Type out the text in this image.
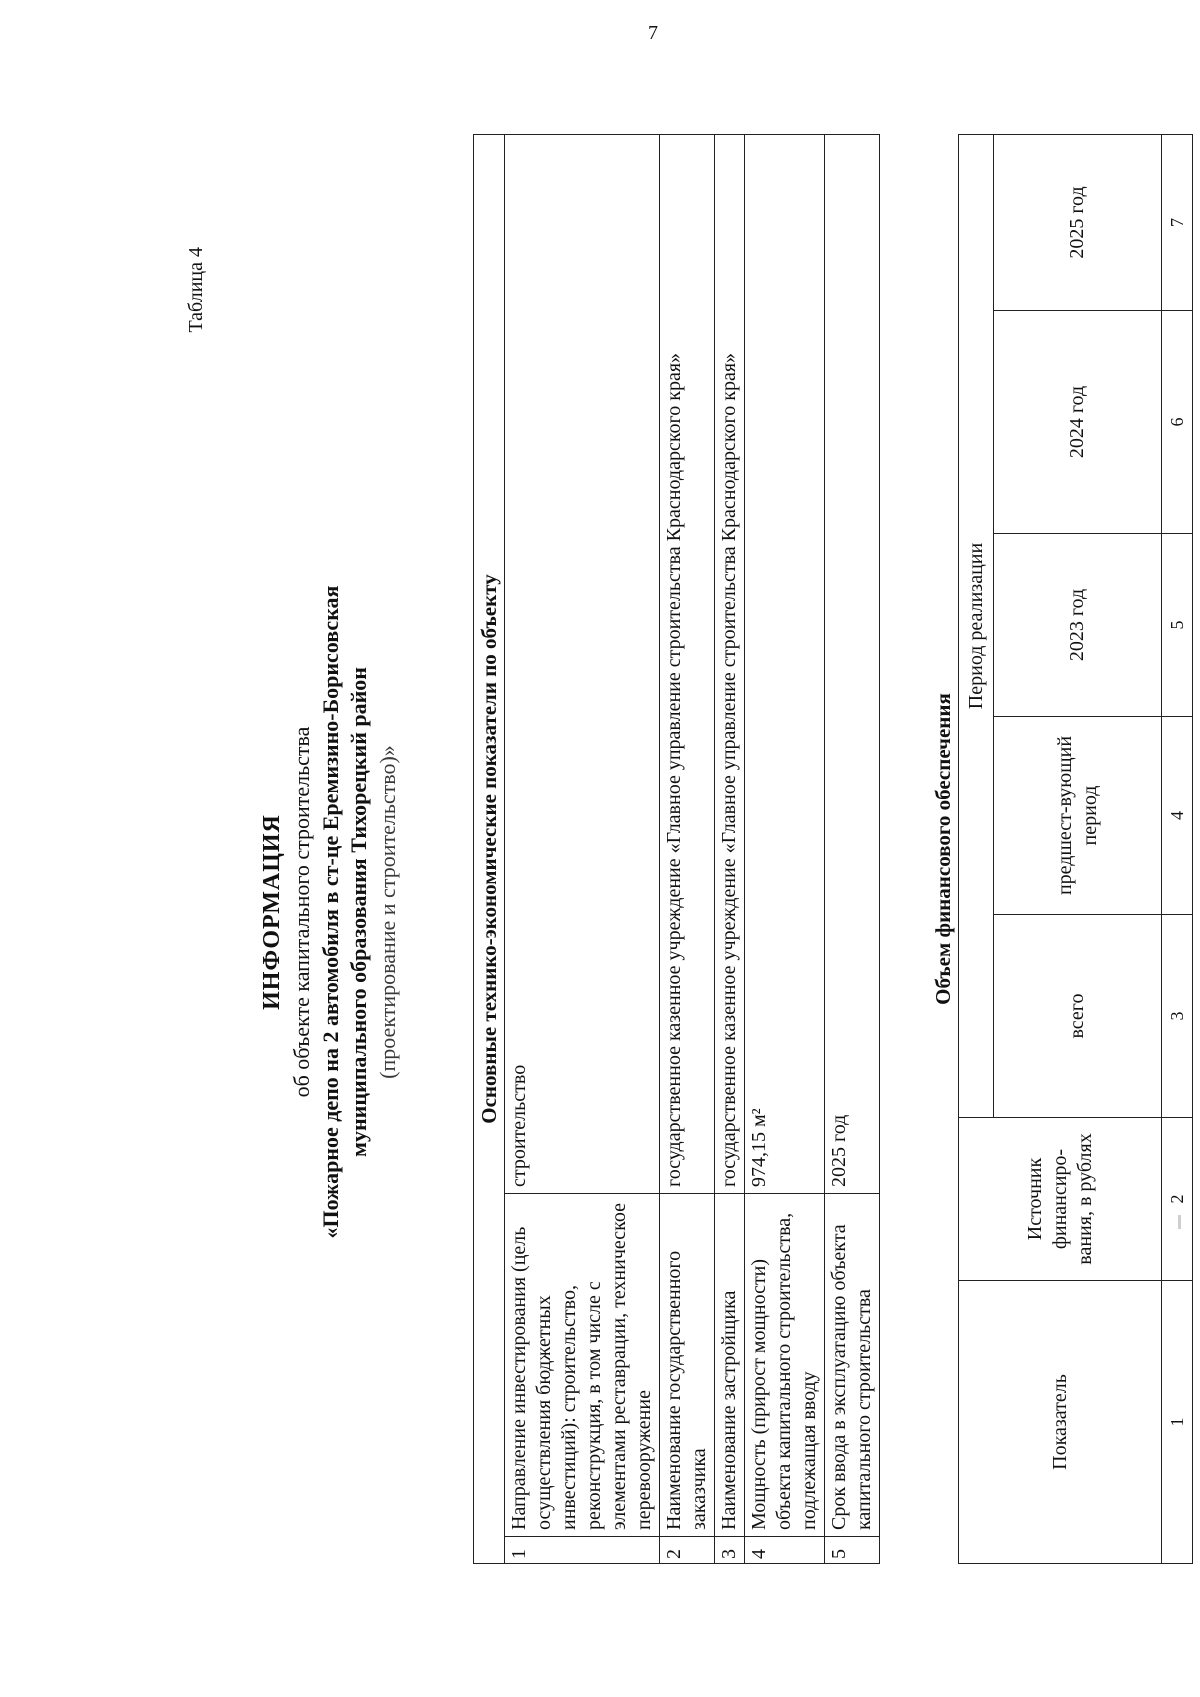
7
Таблица 4
ИНФОРМАЦИЯ об объекте капитального строительства «Пожарное депо на 2 автомобиля в ст-це Еремизино-Борисовская муниципального образования Тихорецкий район (проектирование и строительство)»	Основные технико-экономические показатели по объекту		
1	Направление инвестирования (цель осуществления бюджетных инвестиций): строительство, реконструкция, в том числе с элементами реставрации, техническое перевооружение	строительство
2	Наименование государственного заказчика	государственное казенное учреждение «Главное управление строительства Краснодарского края»
3	Наименование застройщика	государственное казенное учреждение «Главное управление строительства Краснодарского края»
4	Мощность (прирост мощности) объекта капитального строительства, подлежащая вводу	974,15 м²
5	Срок ввода в эксплуатацию объекта капитального строительства	2025 год
Объем финансового обеспечения						
Показатель	Источник финансиро-вания, в рублях	Период реализации				
		всего	предшест-вующий период	2023 год	2024 год	2025 год
1	2	3	4	5	6	7
